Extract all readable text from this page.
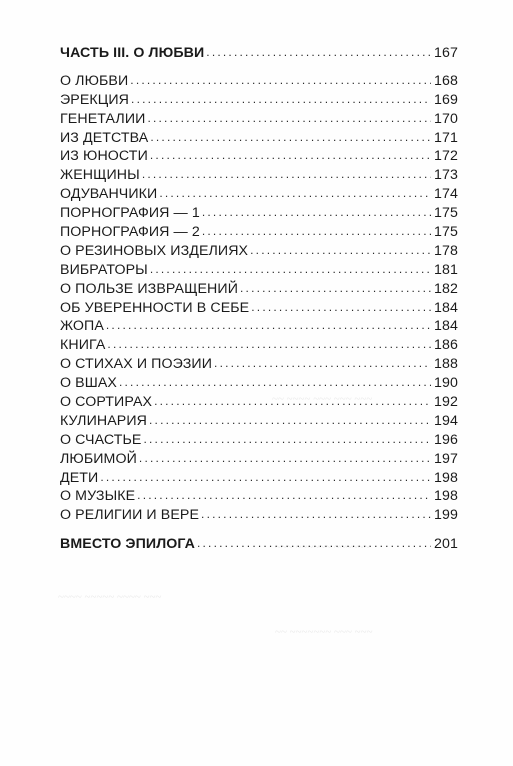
~~ ~~~~ ~~~ ~~~ ~~~
~~~ ~~~~~~ ~~~~~~
~~~~ ~~~~~ ~~~~ ~~~
~~ ~~~~~~~ ~~~ ~~~
ЧАСТЬ III. О ЛЮБВИ .....	167
О ЛЮБВИ .....	168
ЭРЕКЦИЯ .....	169
ГЕНЕТАЛИИ .....	170
ИЗ ДЕТСТВА .....	171
ИЗ ЮНОСТИ .....	172
ЖЕНЩИНЫ .....	173
ОДУВАНЧИКИ .....	174
ПОРНОГРАФИЯ — 1 .....	175
ПОРНОГРАФИЯ — 2 .....	175
О РЕЗИНОВЫХ ИЗДЕЛИЯХ .....	178
ВИБРАТОРЫ .....	181
О ПОЛЬЗЕ ИЗВРАЩЕНИЙ .....	182
ОБ УВЕРЕННОСТИ В СЕБЕ .....	184
ЖОПА .....	184
КНИГА .....	186
О СТИХАХ И ПОЭЗИИ .....	188
О ВШАХ .....	190
О СОРТИРАХ .....	192
КУЛИНАРИЯ .....	194
О СЧАСТЬЕ .....	196
ЛЮБИМОЙ .....	197
ДЕТИ .....	198
О МУЗЫКЕ .....	198
О РЕЛИГИИ И ВЕРЕ .....	199
ВМЕСТО ЭПИЛОГА .....	201
